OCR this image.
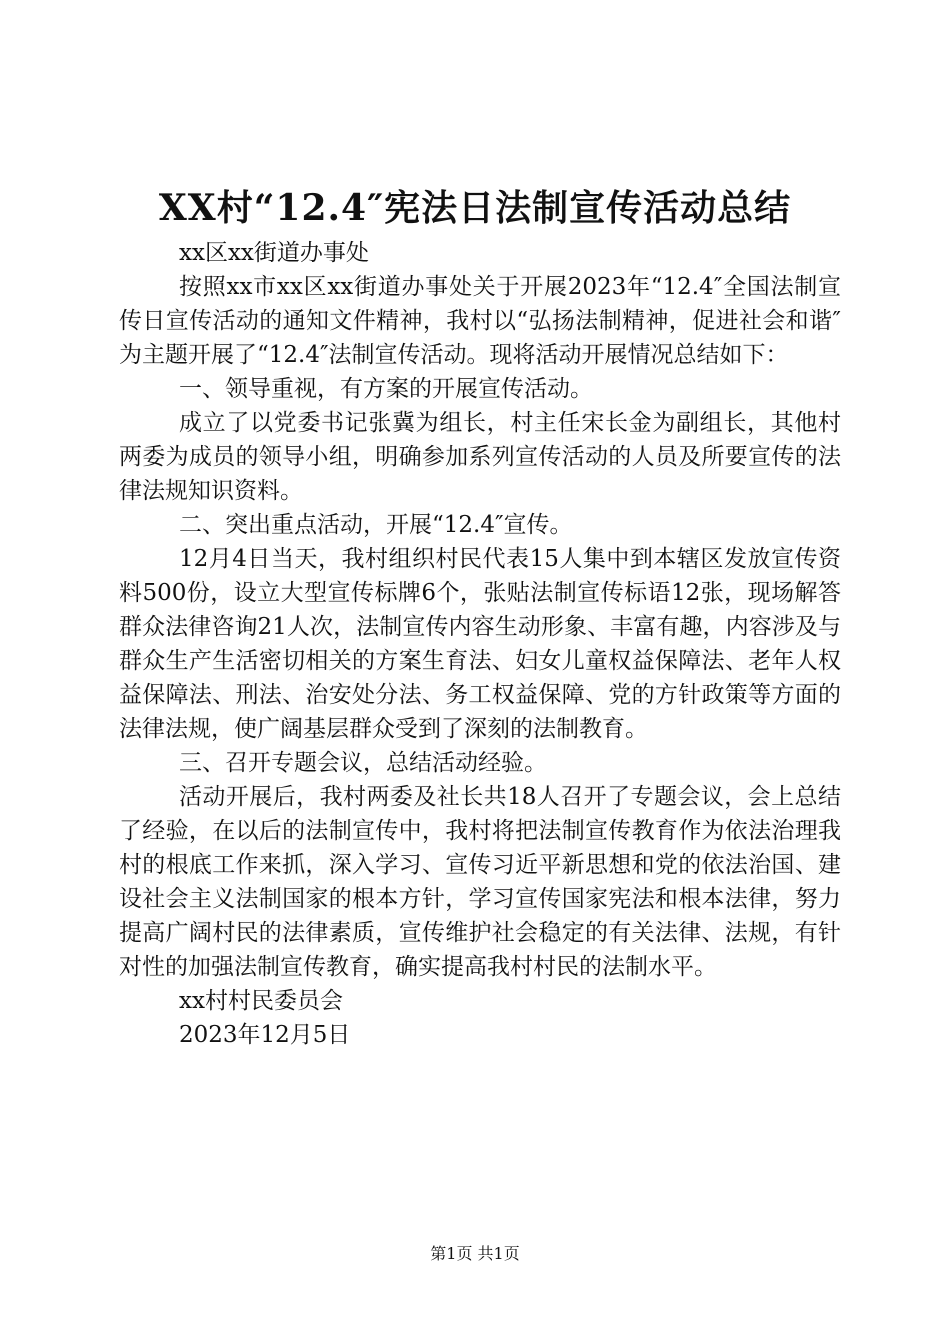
XX村“12.4″宪法日法制宣传活动总结

xx区xx街道办事处

按照xx市xx区xx街道办事处关于开展2023年“12.4″全国法制宣传日宣传活动的通知文件精神，我村以“弘扬法制精神，促进社会和谐″为主题开展了“12.4″法制宣传活动。现将活动开展情况总结如下：

一、领导重视，有方案的开展宣传活动。

成立了以党委书记张冀为组长，村主任宋长金为副组长，其他村两委为成员的领导小组，明确参加系列宣传活动的人员及所要宣传的法律法规知识资料。

二、突出重点活动，开展“12.4″宣传。

12月4日当天，我村组织村民代表15人集中到本辖区发放宣传资料500份，设立大型宣传标牌6个，张贴法制宣传标语12张，现场解答群众法律咨询21人次，法制宣传内容生动形象、丰富有趣，内容涉及与群众生产生活密切相关的方案生育法、妇女儿童权益保障法、老年人权益保障法、刑法、治安处分法、务工权益保障、党的方针政策等方面的法律法规，使广阔基层群众受到了深刻的法制教育。

三、召开专题会议，总结活动经验。

活动开展后，我村两委及社长共18人召开了专题会议，会上总结了经验，在以后的法制宣传中，我村将把法制宣传教育作为依法治理我村的根底工作来抓，深入学习、宣传习近平新思想和党的依法治国、建设社会主义法制国家的根本方针，学习宣传国家宪法和根本法律，努力提高广阔村民的法律素质，宣传维护社会稳定的有关法律、法规，有针对性的加强法制宣传教育，确实提高我村村民的法制水平。

xx村村民委员会

2023年12月5日

第1页 共1页
